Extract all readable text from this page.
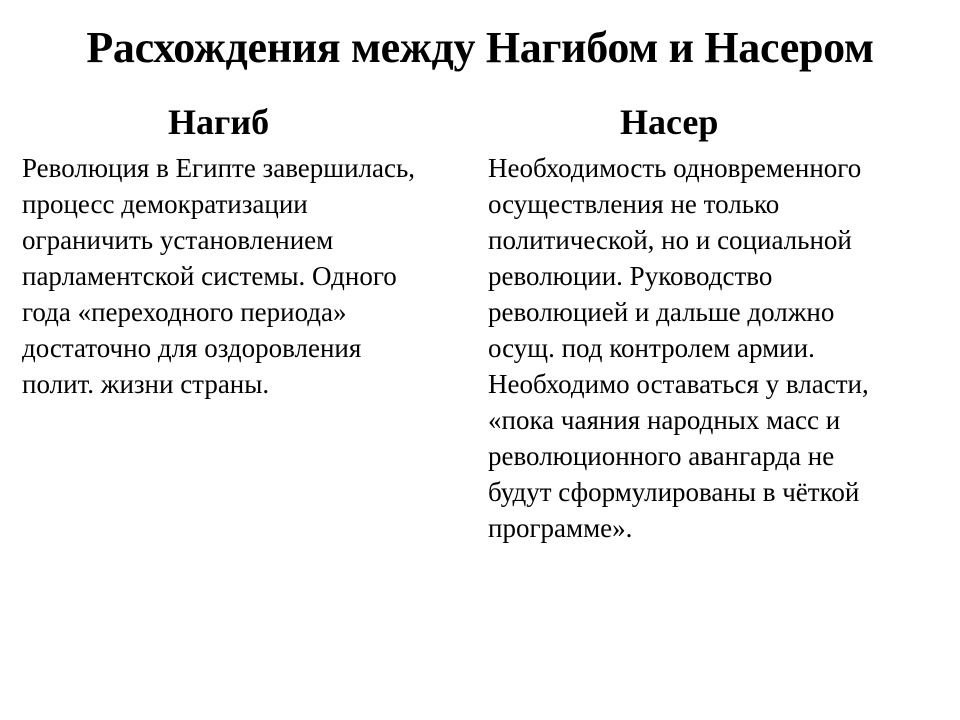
Расхождения между Нагибом и Насером
Нагиб	Насер
Революция в Египте завершилась,
процесс демократизации
ограничить установлением
парламентской системы. Одного
года «переходного периода»
достаточно для оздоровления
полит. жизни страны.
Необходимость одновременного
осуществления не только
политической, но и социальной
революции. Руководство
революцией и дальше должно
осущ. под контролем армии.
Необходимо оставаться у власти,
«пока чаяния народных масс и
революционного авангарда не
будут сформулированы в чёткой
программе».
